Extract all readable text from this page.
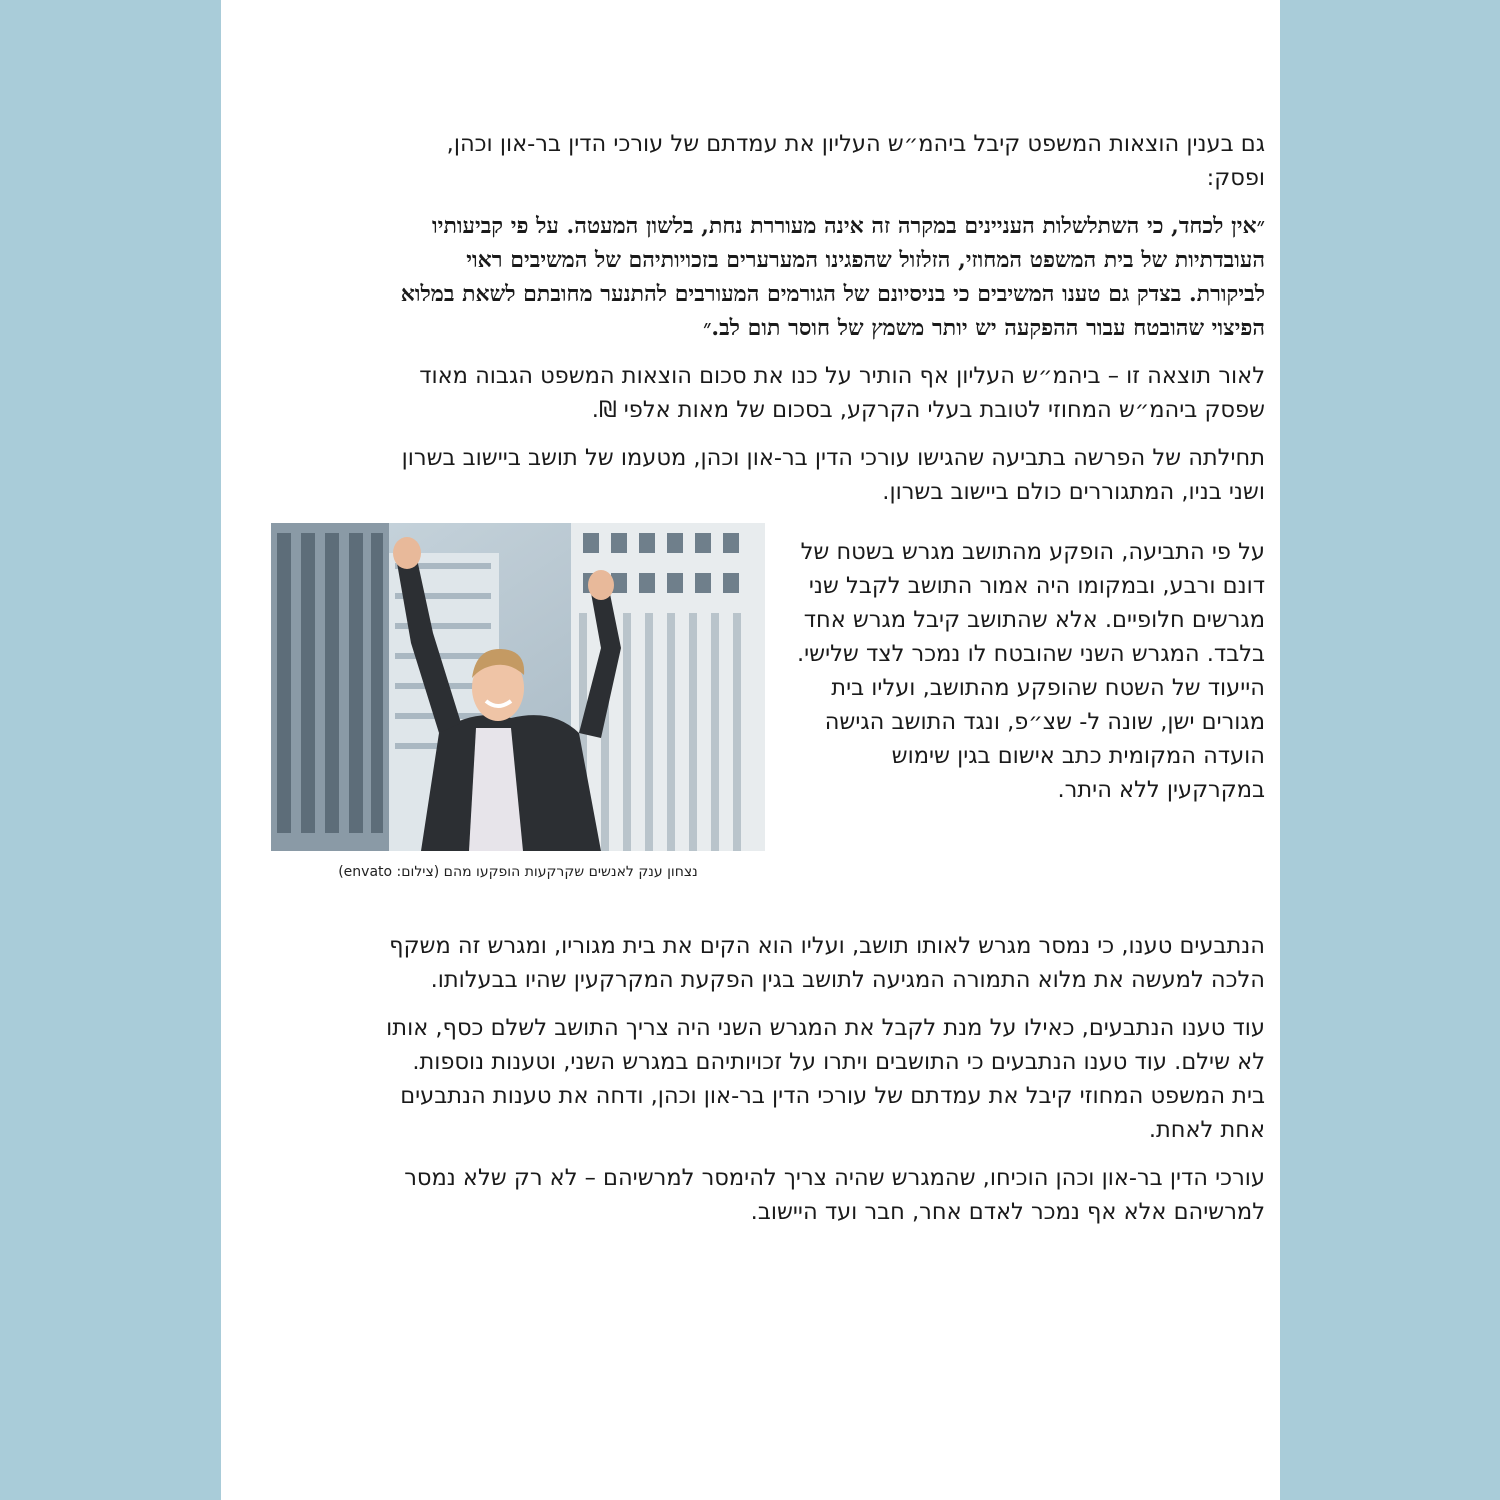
גם בענין הוצאות המשפט קיבל ביהמ״ש העליון את עמדתם של עורכי הדין בר-און וכהן, ופסק:

״אין לכחד, כי השתלשלות העניינים במקרה זה אינה מעוררת נחת, בלשון המעטה. על פי קביעותיו העובדתיות של בית המשפט המחוזי, הזלזול שהפגינו המערערים בזכויותיהם של המשיבים ראוי לביקורת. בצדק גם טענו המשיבים כי בניסיונם של הגורמים המעורבים להתנער מחובתם לשאת במלוא הפיצוי שהובטח עבור ההפקעה יש יותר משמץ של חוסר תום לב.״

לאור תוצאה זו – ביהמ״ש העליון אף הותיר על כנו את סכום הוצאות המשפט הגבוה מאוד שפסק ביהמ״ש המחוזי לטובת בעלי הקרקע, בסכום של מאות אלפי ₪.

תחילתה של הפרשה בתביעה שהגישו עורכי הדין בר-און וכהן, מטעמו של תושב ביישוב בשרון ושני בניו, המתגוררים כולם ביישוב בשרון.

על פי התביעה, הופקע מהתושב מגרש בשטח של דונם ורבע, ובמקומו היה אמור התושב לקבל שני מגרשים חלופיים. אלא שהתושב קיבל מגרש אחד בלבד. המגרש השני שהובטח לו נמכר לצד שלישי. הייעוד של השטח שהופקע מהתושב, ועליו בית מגורים ישן, שונה ל- שצ״פ, ונגד התושב הגישה הועדה המקומית כתב אישום בגין שימוש במקרקעין ללא היתר.

נצחון ענק לאנשים שקרקעות הופקעו מהם (צילום: envato)

הנתבעים טענו, כי נמסר מגרש לאותו תושב, ועליו הוא הקים את בית מגוריו, ומגרש זה משקף הלכה למעשה את מלוא התמורה המגיעה לתושב בגין הפקעת המקרקעין שהיו בבעלותו.

עוד טענו הנתבעים, כאילו על מנת לקבל את המגרש השני היה צריך התושב לשלם כסף, אותו לא שילם. עוד טענו הנתבעים כי התושבים ויתרו על זכויותיהם במגרש השני, וטענות נוספות. בית המשפט המחוזי קיבל את עמדתם של עורכי הדין בר-און וכהן, ודחה את טענות הנתבעים אחת לאחת.

עורכי הדין בר-און וכהן הוכיחו, שהמגרש שהיה צריך להימסר למרשיהם – לא רק שלא נמסר למרשיהם אלא אף נמכר לאדם אחר, חבר ועד היישוב.
